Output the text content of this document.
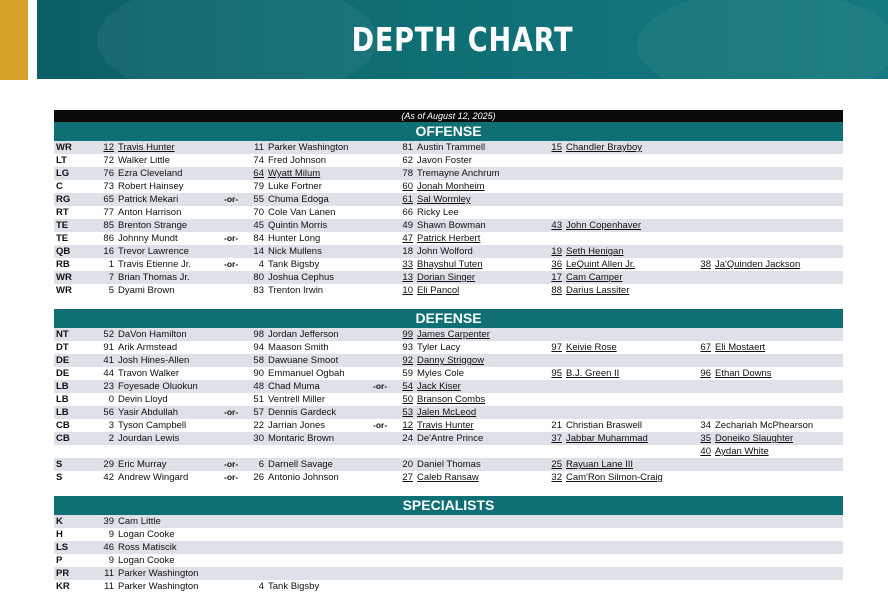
DEPTH CHART
(As of August 12, 2025)
OFFENSE
WR	12 Travis Hunter	11 Parker Washington	81 Austin Trammell	15 Chandler Brayboy
LT	72 Walker Little	74 Fred Johnson	62 Javon Foster
LG	76 Ezra Cleveland	64 Wyatt Milum	78 Tremayne Anchrum
C	73 Robert Hainsey	79 Luke Fortner	60 Jonah Monheim
RG	65 Patrick Mekari	55 Chuma Edoga	61 Sal Wormley
-or-
RT	77 Anton Harrison	70 Cole Van Lanen	66 Ricky Lee
TE	85 Brenton Strange	45 Quintin Morris	49 Shawn Bowman	43 John Copenhaver
TE	86 Johnny Mundt	84 Hunter Long	47 Patrick Herbert
-or-
QB	16 Trevor Lawrence	14 Nick Mullens	18 John Wolford	19 Seth Henigan
RB	1 Travis Etienne Jr.	4 Tank Bigsby	33 Bhayshul Tuten	36 LeQuint Allen Jr.	38 Ja'Quinden Jackson
-or-
WR	7 Brian Thomas Jr.	80 Joshua Cephus	13 Dorian Singer	17 Cam Camper
WR	5 Dyami Brown	83 Trenton Irwin	10 Eli Pancol	88 Darius Lassiter
DEFENSE
NT	52 DaVon Hamilton	98 Jordan Jefferson	99 James Carpenter
DT	91 Arik Armstead	94 Maason Smith	93 Tyler Lacy	97 Keivie Rose	67 Eli Mostaert
DE	41 Josh Hines-Allen	58 Dawuane Smoot	92 Danny Striggow
DE	44 Travon Walker	90 Emmanuel Ogbah	59 Myles Cole	95 B.J. Green II	96 Ethan Downs
LB	23 Foyesade Oluokun	48 Chad Muma	54 Jack Kiser
-or-
LB	0 Devin Lloyd	51 Ventrell Miller	50 Branson Combs
LB	56 Yasir Abdullah	57 Dennis Gardeck	53 Jalen McLeod
-or-
CB	3 Tyson Campbell	22 Jarrian Jones	12 Travis Hunter	21 Christian Braswell	34 Zechariah McPhearson
-or-
CB	2 Jourdan Lewis	30 Montaric Brown	24 De'Antre Prince	37 Jabbar Muhammad	35 Doneiko Slaughter
40 Aydan White
S	29 Eric Murray	6 Darnell Savage	20 Daniel Thomas	25 Rayuan Lane III
-or-
S	42 Andrew Wingard	26 Antonio Johnson	27 Caleb Ransaw	32 Cam'Ron Silmon-Craig
-or-
SPECIALISTS
K	39 Cam Little
H	9 Logan Cooke
LS	46 Ross Matiscik
P	9 Logan Cooke
PR	11 Parker Washington
KR	11 Parker Washington	4 Tank Bigsby
